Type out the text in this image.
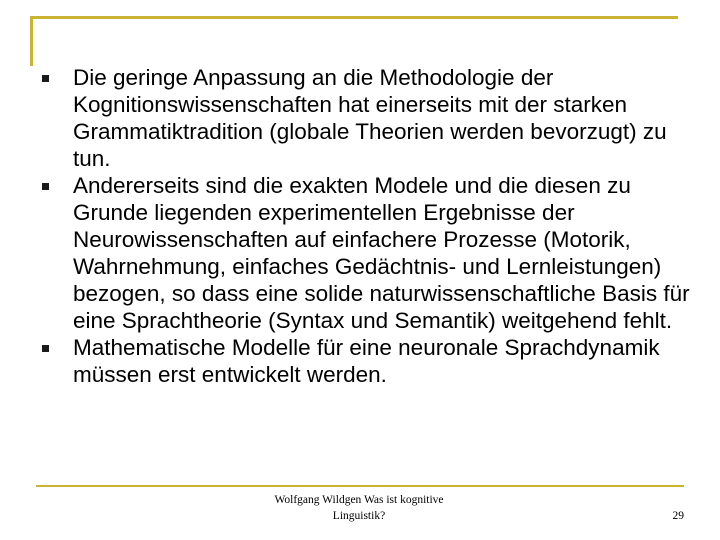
Die geringe Anpassung an die Methodologie der Kognitionswissenschaften hat einerseits mit der starken Grammatiktradition (globale Theorien werden bevorzugt) zu tun.
Andererseits sind die exakten Modele und die diesen zu Grunde liegenden experimentellen Ergebnisse der Neurowissenschaften auf einfachere Prozesse (Motorik, Wahrnehmung, einfaches Gedächtnis- und Lernleistungen) bezogen, so dass eine solide naturwissenschaftliche Basis für eine Sprachtheorie (Syntax und Semantik) weitgehend fehlt.
Mathematische Modelle für eine neuronale Sprachdynamik müssen erst entwickelt werden.
Wolfgang Wildgen Was ist kognitive Linguistik?	29
